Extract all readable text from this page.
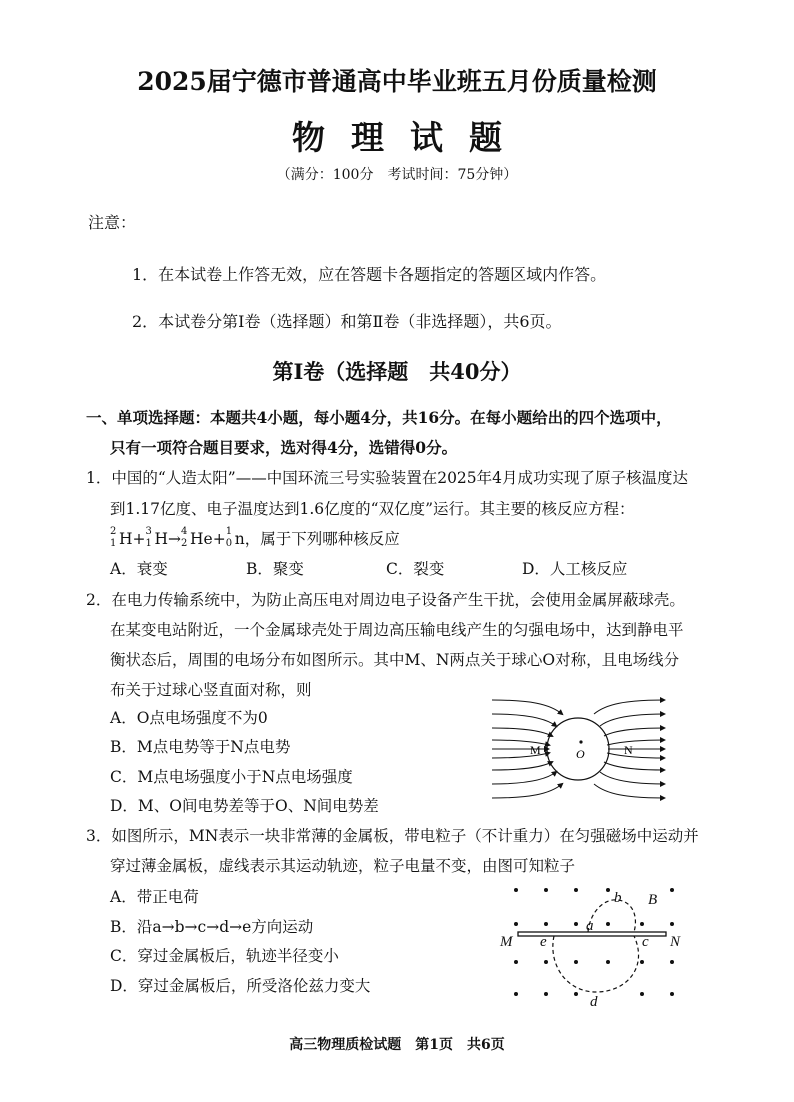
2025届宁德市普通高中毕业班五月份质量检测
物理试题
（满分：100分　考试时间：75分钟）
注意：
1．在本试卷上作答无效，应在答题卡各题指定的答题区域内作答。
2．本试卷分第Ⅰ卷（选择题）和第Ⅱ卷（非选择题），共6页。
第Ⅰ卷（选择题　共40分）
一、单项选择题：本题共4小题，每小题4分，共16分。在每小题给出的四个选项中，
只有一项符合题目要求，选对得4分，选错得0分。
1．中国的“人造太阳”——中国环流三号实验装置在2025年4月成功实现了原子核温度达
到1.17亿度、电子温度达到1.6亿度的“双亿度”运行。其主要的核反应方程：
2
1 H+ 3
1 H→ 4
2 He+ 1
0 n，属于下列哪种核反应
A．衰变	B．聚变	C．裂变	D．人工核反应
2．在电力传输系统中，为防止高压电对周边电子设备产生干扰，会使用金属屏蔽球壳。
在某变电站附近，一个金属球壳处于周边高压输电线产生的匀强电场中，达到静电平
衡状态后，周围的电场分布如图所示。其中M、N两点关于球心O对称，且电场线分
布关于过球心竖直面对称，则
A．O点电场强度不为0
B．M点电势等于N点电势
C．M点电场强度小于N点电场强度
D．M、O间电势差等于O、N间电势差
M	O	N
3．如图所示，MN表示一块非常薄的金属板，带电粒子（不计重力）在匀强磁场中运动并
穿过薄金属板，虚线表示其运动轨迹，粒子电量不变，由图可知粒子
A．带正电荷
B．沿a→b→c→d→e方向运动
C．穿过金属板后，轨迹半径变小
D．穿过金属板后，所受洛伦兹力变大
M	N
a
b
c
d
e
B
高三物理质检试题　第1页　共6页
